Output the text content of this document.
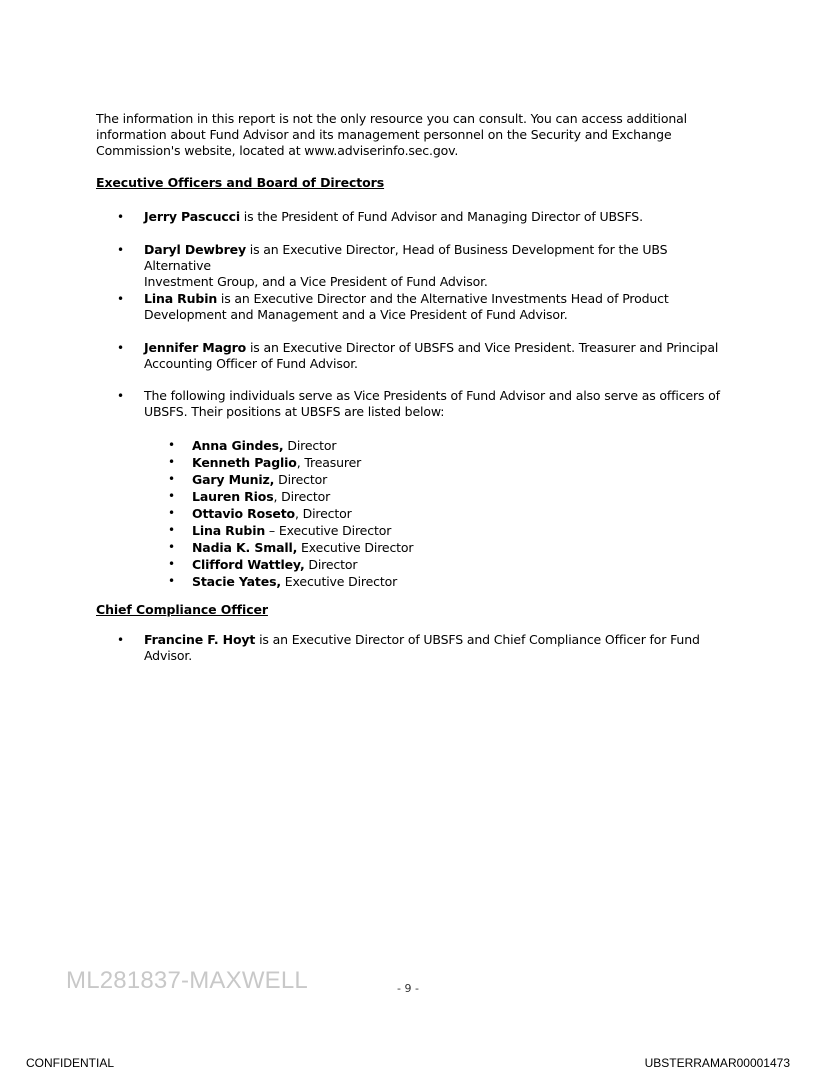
The information in this report is not the only resource you can consult. You can access additional
information about Fund Advisor and its management personnel on the Security and Exchange
Commission's website, located at www.adviserinfo.sec.gov.
Executive Officers and Board of Directors
• Jerry Pascucci is the President of Fund Advisor and Managing Director of UBSFS.
• Daryl Dewbrey is an Executive Director, Head of Business Development for the UBS Alternative
Investment Group, and a Vice President of Fund Advisor.
• Lina Rubin is an Executive Director and the Alternative Investments Head of Product
Development and Management and a Vice President of Fund Advisor.
• Jennifer Magro is an Executive Director of UBSFS and Vice President. Treasurer and Principal
Accounting Officer of Fund Advisor.
• The following individuals serve as Vice Presidents of Fund Advisor and also serve as officers of
UBSFS. Their positions at UBSFS are listed below:
• Anna Gindes, Director
• Kenneth Paglio, Treasurer
• Gary Muniz, Director
• Lauren Rios, Director
• Ottavio Roseto, Director
• Lina Rubin – Executive Director
• Nadia K. Small, Executive Director
• Clifford Wattley, Director
• Stacie Yates, Executive Director
Chief Compliance Officer
• Francine F. Hoyt is an Executive Director of UBSFS and Chief Compliance Officer for Fund
Advisor.
ML281837-MAXWELL	- 9 -
CONFIDENTIAL	UBSTERRAMAR00001473
